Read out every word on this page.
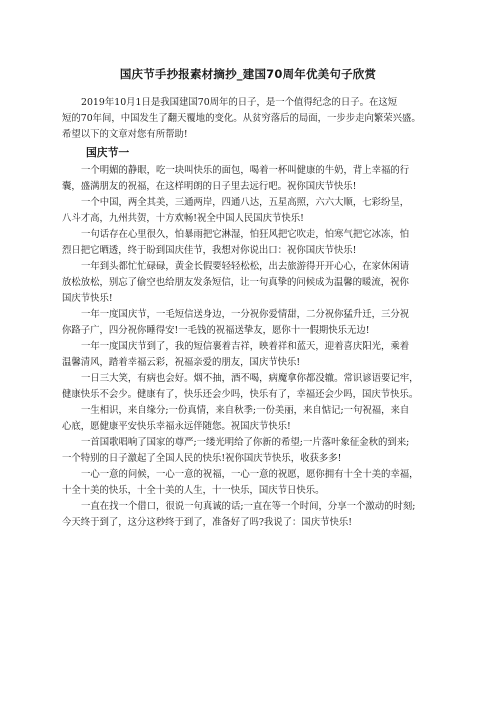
国庆节手抄报素材摘抄_建国70周年优美句子欣赏
2019年10月1日是我国建国70周年的日子，是一个值得纪念的日子。在这短
短的70年间，中国发生了翻天覆地的变化。从贫穷落后的局面，一步步走向繁荣兴盛。
希望以下的文章对您有所帮助!
国庆节一
一个明媚的静眼，吃一块叫快乐的面包，喝着一杯叫健康的牛奶，背上幸福的行
囊，盛满朋友的祝福，在这样明朗的日子里去远行吧。祝你国庆节快乐!
一个中国，两全其美，三通两岸，四通八达，五星高照，六六大顺，七彩纷呈，
八斗才高，九州共贺，十方欢畅!祝全中国人民国庆节快乐!
一句话存在心里很久，怕暴雨把它淋湿，怕狂风把它吹走，怕寒气把它冰冻，怕
烈日把它晒透，终于盼到国庆佳节，我想对你说出口：祝你国庆节快乐!
一年到头都忙忙碌碌，黄金长假要轻轻松松，出去旅游得开开心心，在家休闲请
放松放松，别忘了偷空也给朋友发条短信，让一句真挚的问候成为温馨的暖流，祝你
国庆节快乐!
一年一度国庆节，一毛短信送身边，一分祝你爱情甜，二分祝你猛升迁，三分祝
你路子广，四分祝你睡得安!一毛钱的祝福送挚友，愿你十一假期快乐无边!
一年一度国庆节到了，我的短信裹着吉祥，映着祥和蓝天，迎着喜庆阳光，乘着
温馨清风，踏着幸福云彩，祝福亲爱的朋友，国庆节快乐!
一日三大笑，有病也会好。烟不抽，酒不喝，病魔拿你都没辙。常识谚语要记牢，
健康快乐不会少。健康有了，快乐还会少吗，快乐有了，幸福还会少吗，国庆节快乐。
一生相识，来自缘分;一份真情，来自秋季;一份美丽，来自惦记;一句祝福，来自
心底，愿健康平安快乐幸福永远伴随您。祝国庆节快乐!
一首国歌唱响了国家的尊严;一缕光明给了你新的希望;一片落叶象征金秋的到来;
一个特别的日子激起了全国人民的快乐!祝你国庆节快乐，收获多多!
一心一意的问候，一心一意的祝福，一心一意的祝愿，愿你拥有十全十美的幸福，
十全十美的快乐，十全十美的人生，十一快乐，国庆节日快乐。
一直在找一个借口，很说一句真诚的话;一直在等一个时间，分享一个激动的时刻;
今天终于到了，这分这秒终于到了，准备好了吗?我说了：国庆节快乐!
